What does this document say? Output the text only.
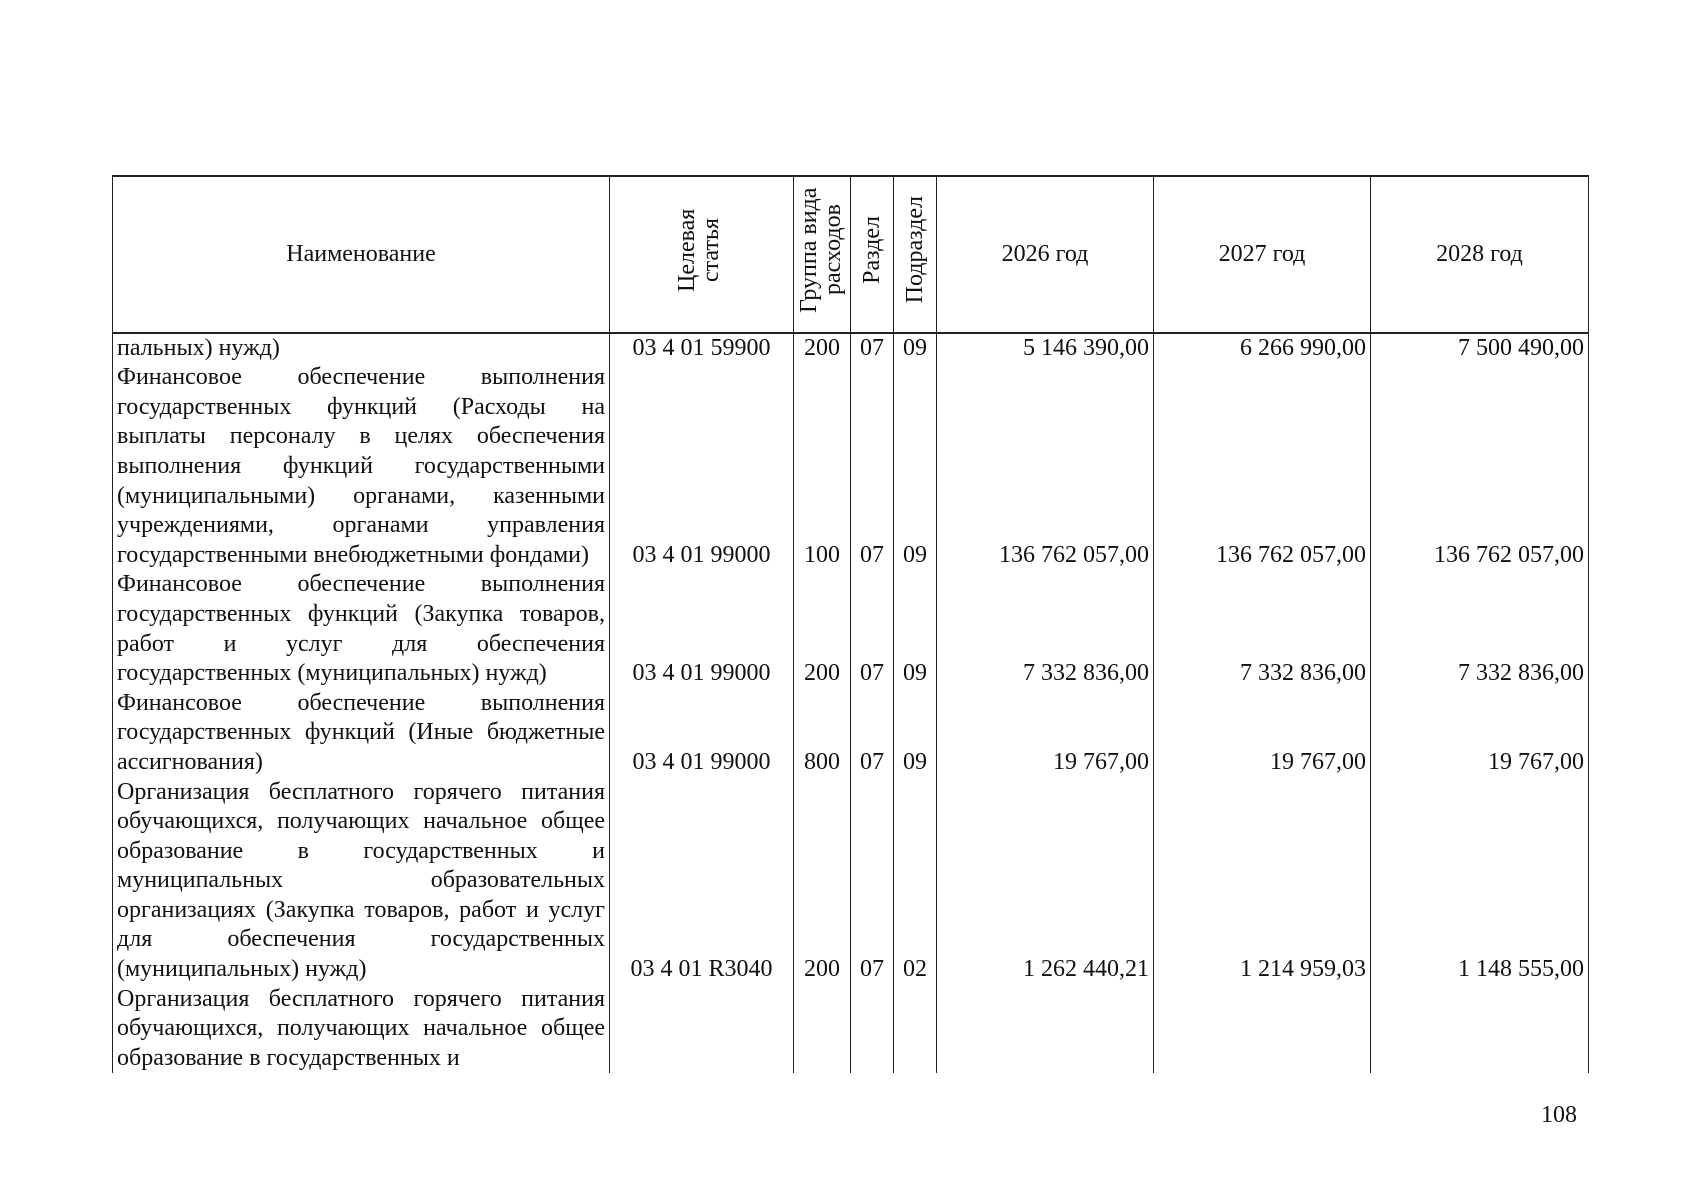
Наименование	Целевая статья	Группа вида расходов	Раздел	Подраздел	2026 год	2027 год	2028 год
пальных) нужд)	03 4 01 59900	200	07	09	5 146 390,00	6 266 990,00	7 500 490,00
Финансовое обеспечение выполнения государственных функций (Расходы на выплаты персоналу в целях обеспечения выполнения функций государственными (муниципальными) органами, казенными учреждениями, органами управления государственными внебюджетными фондами)	03 4 01 99000	100	07	09	136 762 057,00	136 762 057,00	136 762 057,00
Финансовое обеспечение выполнения государственных функций (Закупка товаров, работ и услуг для обеспечения государственных (муниципальных) нужд)	03 4 01 99000	200	07	09	7 332 836,00	7 332 836,00	7 332 836,00
Финансовое обеспечение выполнения государственных функций (Иные бюджетные ассигнования)	03 4 01 99000	800	07	09	19 767,00	19 767,00	19 767,00
Организация бесплатного горячего питания обучающихся, получающих начальное общее образование в государственных и муниципальных образовательных организациях (Закупка товаров, работ и услуг для обеспечения государственных (муниципальных) нужд)	03 4 01 R3040	200	07	02	1 262 440,21	1 214 959,03	1 148 555,00
Организация бесплатного горячего питания обучающихся, получающих начальное общее образование в государственных и							
108
